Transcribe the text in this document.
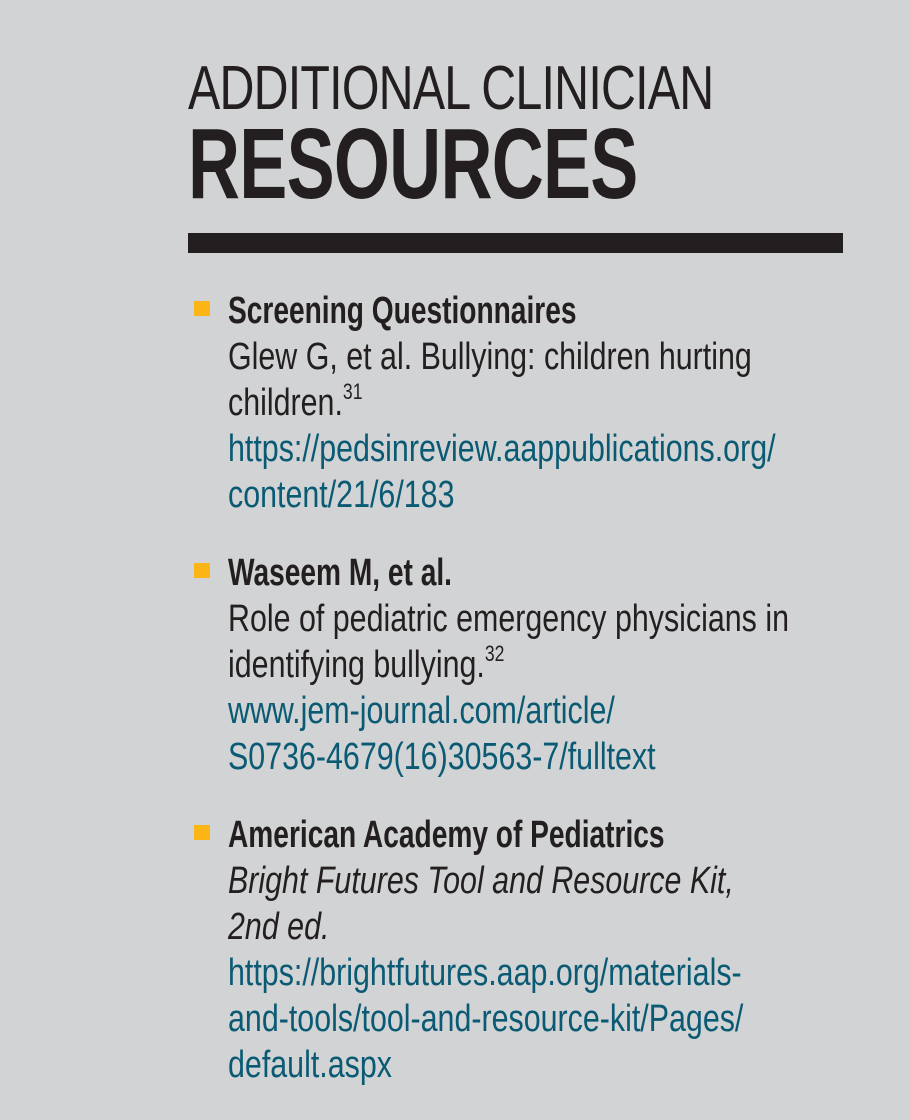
ADDITIONAL CLINICIAN
RESOURCES
Screening Questionnaires
Glew G, et al. Bullying: children hurting
children.$^{31}$
https://pedsinreview.aappublications.org/
content/21/6/183
Waseem M, et al.
Role of pediatric emergency physicians in
identifying bullying.$^{32}$
www.jem-journal.com/article/
S0736-4679(16)30563-7/fulltext
American Academy of Pediatrics
Bright Futures Tool and Resource Kit,
2nd ed.
https://brightfutures.aap.org/materials-
and-tools/tool-and-resource-kit/Pages/
default.aspx
